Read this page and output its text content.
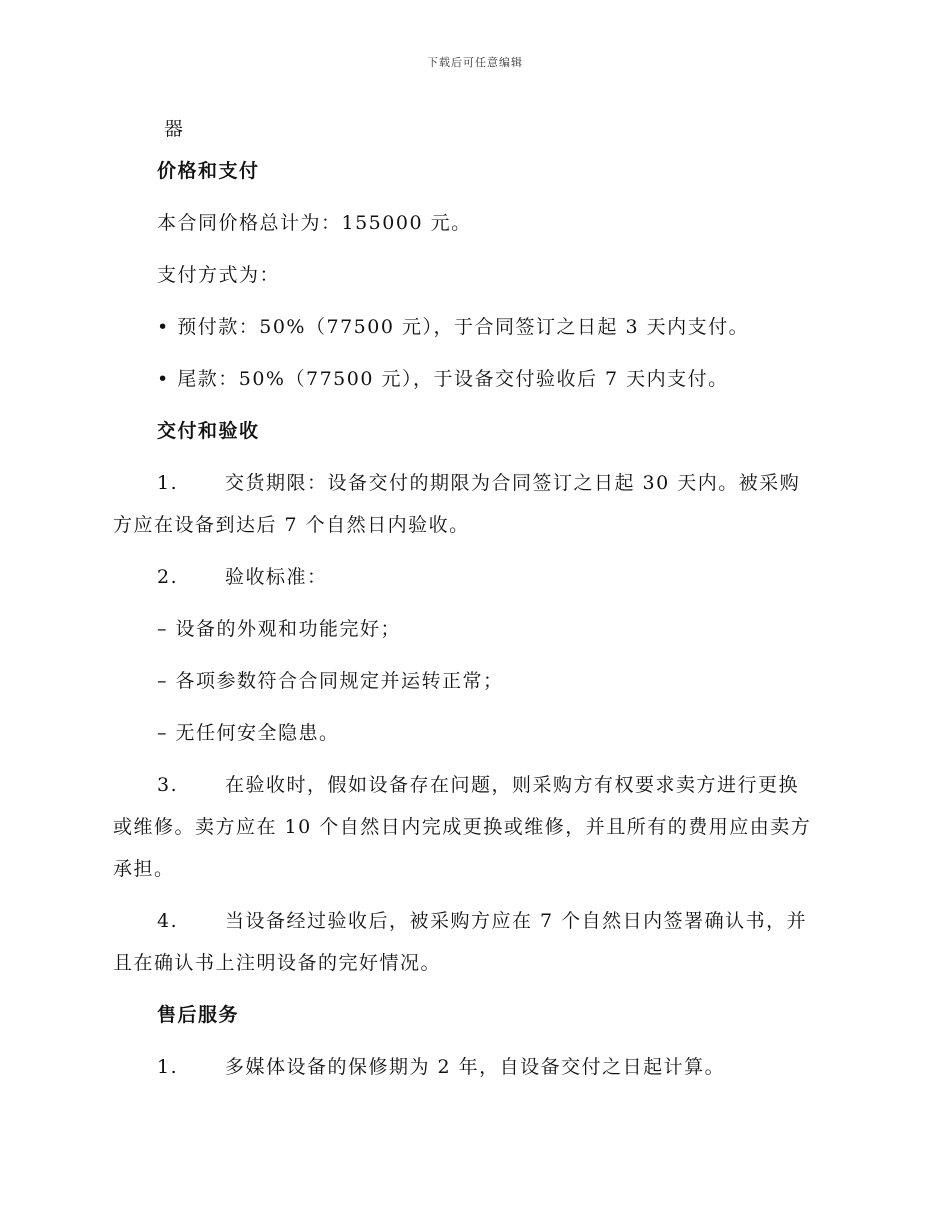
下载后可任意编辑
器
价格和支付
本合同价格总计为：155000 元。
支付方式为：
• 预付款：50%（77500 元），于合同签订之日起 3 天内支付。
• 尾款：50%（77500 元），于设备交付验收后 7 天内支付。
交付和验收
1. 交货期限：设备交付的期限为合同签订之日起 30 天内。被采购
方应在设备到达后 7 个自然日内验收。
2. 验收标准：
– 设备的外观和功能完好；
– 各项参数符合合同规定并运转正常；
– 无任何安全隐患。
3. 在验收时，假如设备存在问题，则采购方有权要求卖方进行更换
或维修。卖方应在 10 个自然日内完成更换或维修，并且所有的费用应由卖方
承担。
4. 当设备经过验收后，被采购方应在 7 个自然日内签署确认书，并
且在确认书上注明设备的完好情况。
售后服务
1. 多媒体设备的保修期为 2 年，自设备交付之日起计算。
